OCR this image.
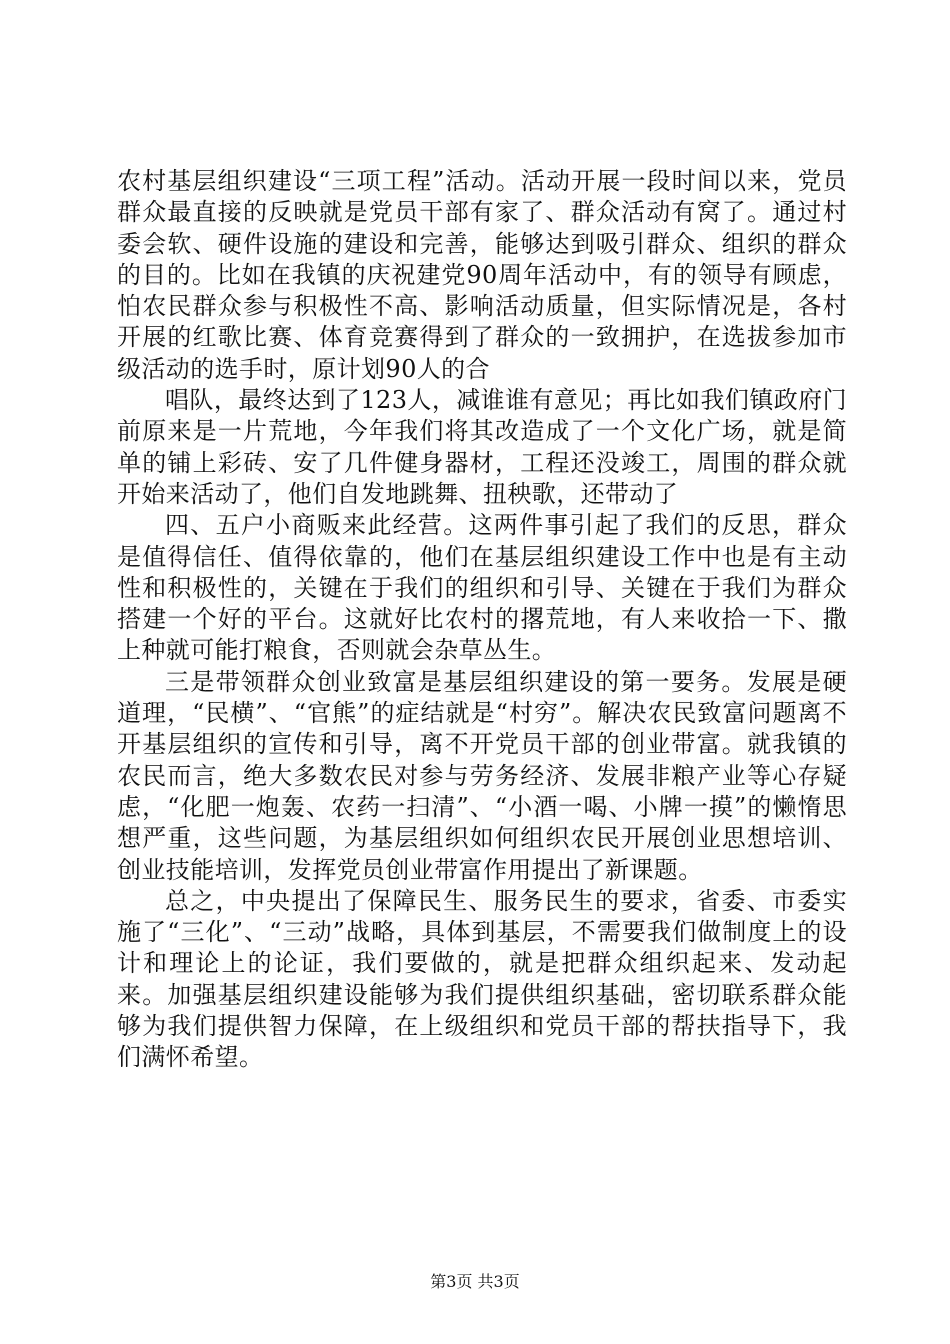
农村基层组织建设“三项工程”活动。活动开展一段时间以来，党员群众最直接的反映就是党员干部有家了、群众活动有窝了。通过村委会软、硬件设施的建设和完善，能够达到吸引群众、组织的群众的目的。比如在我镇的庆祝建党90周年活动中，有的领导有顾虑，怕农民群众参与积极性不高、影响活动质量，但实际情况是，各村开展的红歌比赛、体育竞赛得到了群众的一致拥护，在选拔参加市级活动的选手时，原计划90人的合

唱队，最终达到了123人，减谁谁有意见；再比如我们镇政府门前原来是一片荒地，今年我们将其改造成了一个文化广场，就是简单的铺上彩砖、安了几件健身器材，工程还没竣工，周围的群众就开始来活动了，他们自发地跳舞、扭秧歌，还带动了

四、五户小商贩来此经营。这两件事引起了我们的反思，群众是值得信任、值得依靠的，他们在基层组织建设工作中也是有主动性和积极性的，关键在于我们的组织和引导、关键在于我们为群众搭建一个好的平台。这就好比农村的撂荒地，有人来收拾一下、撒上种就可能打粮食，否则就会杂草丛生。

三是带领群众创业致富是基层组织建设的第一要务。发展是硬道理，“民横”、“官熊”的症结就是“村穷”。解决农民致富问题离不开基层组织的宣传和引导，离不开党员干部的创业带富。就我镇的农民而言，绝大多数农民对参与劳务经济、发展非粮产业等心存疑虑，“化肥一炮轰、农药一扫清”、“小酒一喝、小牌一摸”的懒惰思想严重，这些问题，为基层组织如何组织农民开展创业思想培训、创业技能培训，发挥党员创业带富作用提出了新课题。

总之，中央提出了保障民生、服务民生的要求，省委、市委实施了“三化”、“三动”战略，具体到基层，不需要我们做制度上的设计和理论上的论证，我们要做的，就是把群众组织起来、发动起来。加强基层组织建设能够为我们提供组织基础，密切联系群众能够为我们提供智力保障，在上级组织和党员干部的帮扶指导下，我们满怀希望。

第3页 共3页
